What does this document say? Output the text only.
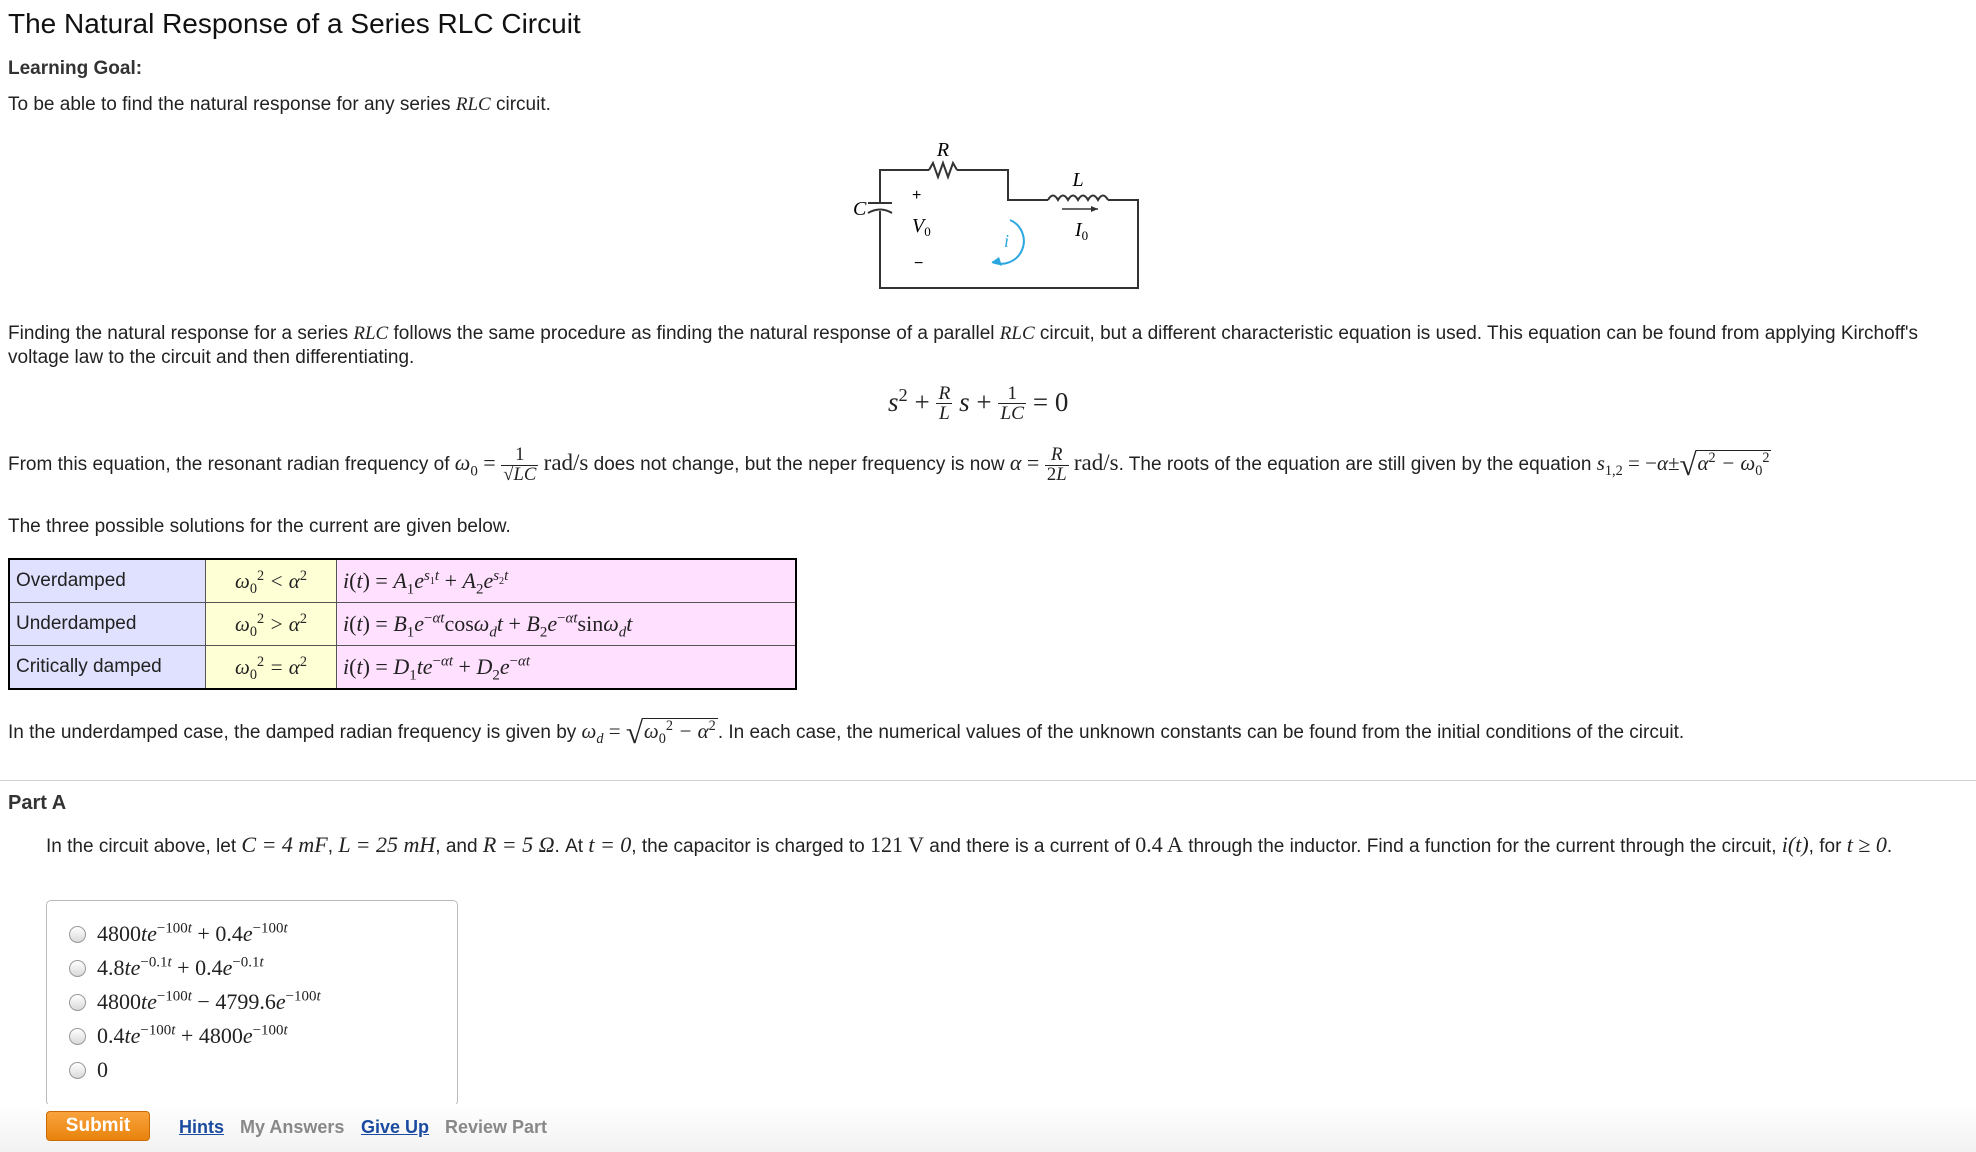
The Natural Response of a Series RLC Circuit
Learning Goal:
To be able to find the natural response for any series RLC circuit.
R
L
C
+
−
$V_0$	$I_0$
i
Finding the natural response for a series RLC follows the same procedure as finding the natural response of a parallel RLC circuit, but a different characteristic equation is used. This equation can be found from applying Kirchoff's voltage law to the circuit and then differentiating.
$s^2 + \frac{R}{L}$ $s + \frac{1}{LC} = 0$
From this equation, the resonant radian frequency of $\omega_0 = \frac{1}{√LC} rad/s$ does not change, but the neper frequency is now $\alpha = \frac{R}{2L} rad/s$. The roots of the equation are still given by the equation $s_{1,2} = -\alpha\pm$ √ $\alpha^2 - \omega_0^2$
The three possible solutions for the current are given below.
Overdamped	$\omega_0^2 < \alpha^2$	$i(t) = A_1e^{s_1t} + A_2e^{s_2t}$
Underdamped	$\omega_0^2 > \alpha^2$	$i(t) = B_1e^{-\alpha t}\cos\omega_dt + B_2e^{-\alpha t}\sin\omega_dt$
Critically damped	$\omega_0^2 = \alpha^2$	$i(t) = D_1te^{-\alpha t} + D_2e^{-\alpha t}$
In the underdamped case, the damped radian frequency is given by $\omega_d$ = √ $\omega_0^2 - \alpha^2$ . In each case, the numerical values of the unknown constants can be found from the initial conditions of the circuit.
Part A
In the circuit above, let C = 4 mF, L = 25 mH, and R = 5 Ω. At t = 0, the capacitor is charged to 121 V and there is a current of 0.4 A through the inductor. Find a function for the current through the circuit, i(t), for t ≥ 0.
$4800te^{-100t} + 0.4e^{-100t}$
$4.8te^{-0.1t} + 0.4e^{-0.1t}$
$4800te^{-100t} - 4799.6e^{-100t}$
$0.4te^{-100t} + 4800e^{-100t}$
0
Submit	Hints My Answers Give Up Review Part
